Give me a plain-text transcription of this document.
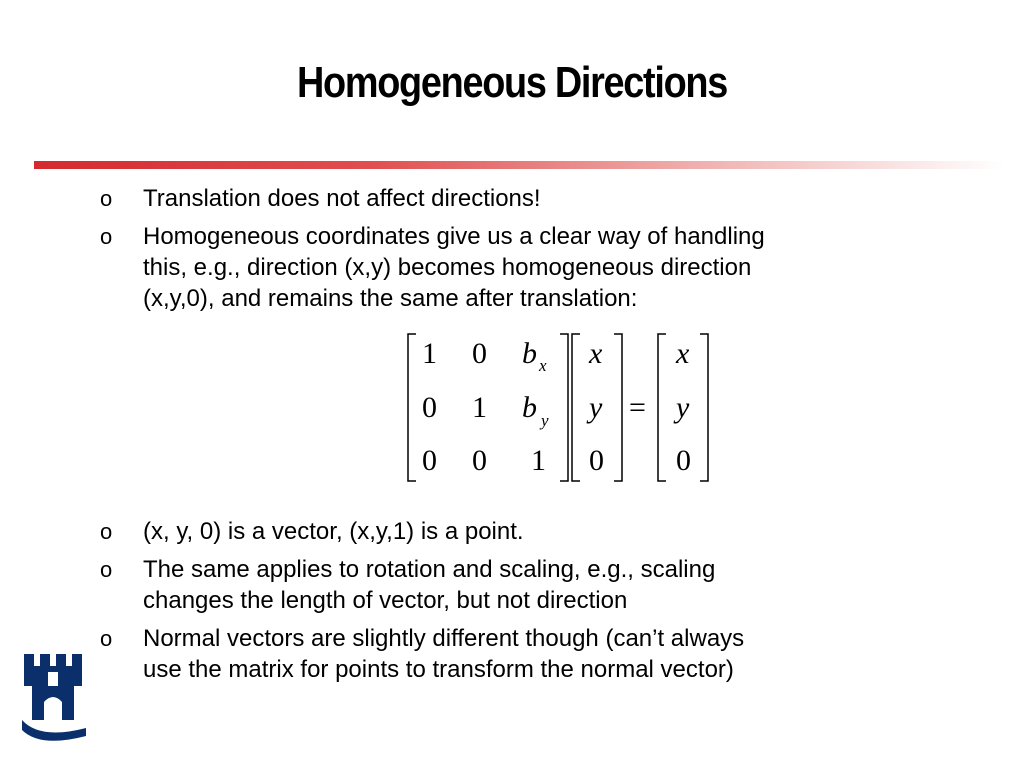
Homogeneous Directions
o	Translation does not affect directions!
o	Homogeneous coordinates give us a clear way of handling
this, e.g., direction (x,y) becomes homogeneous direction
(x,y,0), and remains the same after translation:
o	(x, y, 0) is a vector, (x,y,1) is a point.
o	The same applies to rotation and scaling, e.g., scaling
changes the length of vector, but not direction
o	Normal vectors are slightly different though (can’t always
use the matrix for points to transform the normal vector)
1 0 b x
0 1 b y
0 0 1
x
y
0
=
x
y
0
